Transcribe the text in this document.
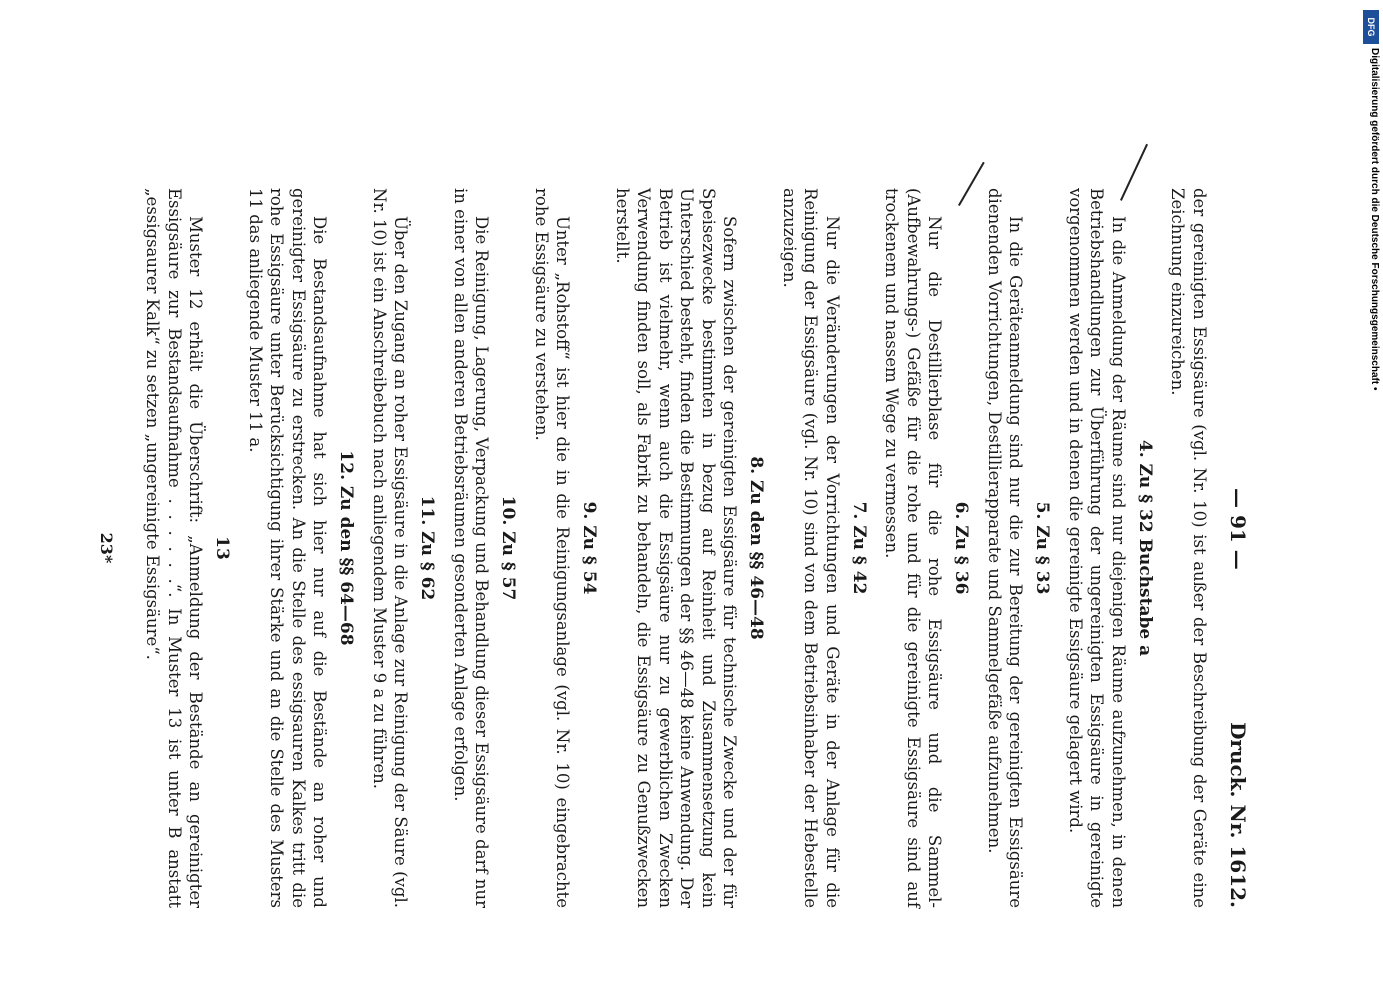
— 91 —
Druck. Nr. 1612.

der gereinigten Essigsäure (vgl. Nr. 10) ist außer der Beschreibung der Geräte eine Zeichnung einzureichen.

4. Zu § 32 Buchstabe a

In die Anmeldung der Räume sind nur diejenigen Räume aufzunehmen, in denen Betriebshandlungen zur Überführung der ungereinigten Essigsäure in gereinigte vorgenommen werden und in denen die gereinigte Essigsäure gelagert wird.

5. Zu § 33

In die Geräteanmeldung sind nur die zur Bereitung der gereinigten Essigsäure dienenden Vorrichtungen, Destillierapparate und Sammelgefäße aufzunehmen.

6. Zu § 36

Nur die Destillierblase für die rohe Essigsäure und die Sammel- (Aufbewahrungs-) Gefäße für die rohe und für die gereinigte Essigsäure sind auf trockenem und nassem Wege zu vermessen.

7. Zu § 42

Nur die Veränderungen der Vorrichtungen und Geräte in der Anlage für die Reinigung der Essigsäure (vgl. Nr. 10) sind von dem Betriebsinhaber der Hebestelle anzuzeigen.

8. Zu den §§ 46—48

Sofern zwischen der gereinigten Essigsäure für technische Zwecke und der für Speisezwecke bestimmten in bezug auf Reinheit und Zusammensetzung kein Unterschied besteht, finden die Bestimmungen der §§ 46—48 keine Anwendung. Der Betrieb ist vielmehr, wenn auch die Essigsäure nur zu gewerblichen Zwecken Verwendung finden soll, als Fabrik zu behandeln, die Essigsäure zu Genußzwecken herstellt.

9. Zu § 54

Unter „Rohstoff“ ist hier die in die Reinigungsanlage (vgl. Nr. 10) eingebrachte rohe Essigsäure zu verstehen.

10. Zu § 57

Die Reinigung, Lagerung, Verpackung und Behandlung dieser Essigsäure darf nur in einer von allen anderen Betriebsräumen gesonderten Anlage erfolgen.

11. Zu § 62

Über den Zugang an roher Essigsäure in die Anlage zur Reinigung der Säure (vgl. Nr. 10) ist ein Anschreibebuch nach anliegendem Muster 9 a zu führen.

12. Zu den §§ 64—68

Die Bestandsaufnahme hat sich hier nur auf die Bestände an roher und gereinigter Essigsäure zu erstrecken. An die Stelle des essigsauren Kalkes tritt die rohe Essigsäure unter Berücksichtigung ihrer Stärke und an die Stelle des Musters 11 das anliegende Muster 11 a.

13

Muster 12 erhält die Überschrift: „Anmeldung der Bestände an gereinigter Essigsäure zur Bestandsaufnahme . . . . . .“. In Muster 13 ist unter B anstatt „essigsaurer Kalk“ zu setzen „ungereinigte Essigsäure“.

23*
DFG
Digitalisierung gefördert durch die Deutsche Forschungsgemeinschaft •
